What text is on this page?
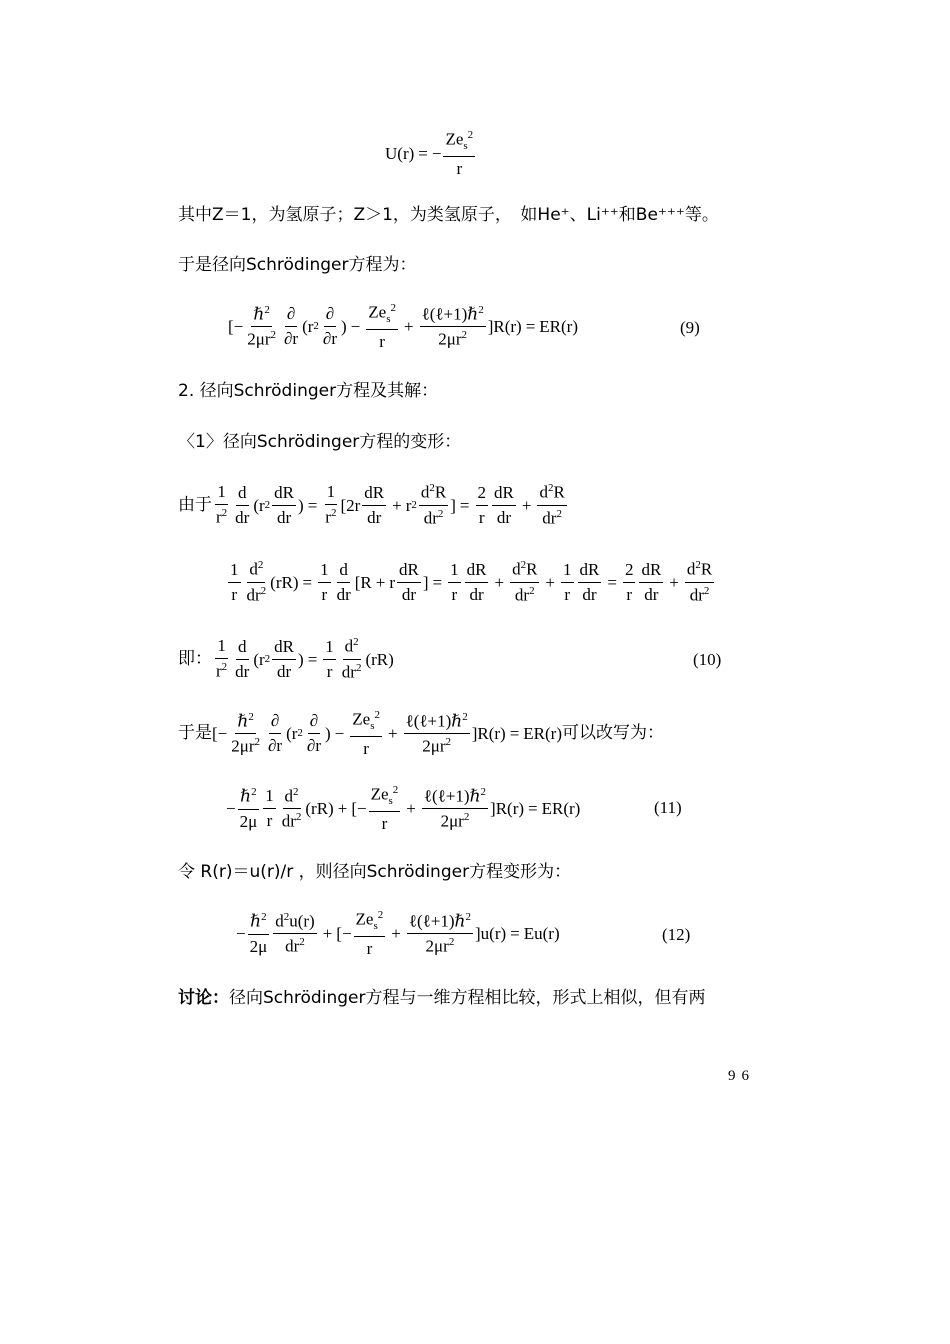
U(r) = − $\frac{Ze_s^2}{r}$
其中Z＝1，为氢原子；Z＞1，为类氢原子，　如He⁺、Li⁺⁺和Be⁺⁺⁺等。
于是径向Schrödinger方程为：
[− $\frac{\hbar^2}{2\mu r^2} \frac{\partial}{\partial r} (r$ $2 \frac{\partial}{\partial r}$ ) − $\frac{Ze_s^2}{r} + \frac{\ell(\ell+1)\hbar^2}{2\mu r^2} ]R(r) = ER(r)$	(9)
2. 径向Schrödinger方程及其解：
〈1〉径向Schrödinger方程的变形：
由于 $\frac{1}{r^2} \frac{d}{dr} (r$ $2 \frac{dR}{dr}$ ) = $\frac{1}{r^2} [2r \frac{dR}{dr} + r$ $2 \frac{d^2R}{dr^2}$ ] = $\frac{2}{r} \frac{dR}{dr} + \frac{d^2R}{dr^2}$
$\frac{1}{r} \frac{d^2}{dr^2} (rR) = \frac{1}{r} \frac{d}{dr} [R + r \frac{dR}{dr}$ ] = $\frac{1}{r} \frac{dR}{dr} + \frac{d^2R}{dr^2} + \frac{1}{r} \frac{dR}{dr} = \frac{2}{r} \frac{dR}{dr} + \frac{d^2R}{dr^2}$
即： $\frac{1}{r^2} \frac{d}{dr} (r$ $2 \frac{dR}{dr}$ ) = $\frac{1}{r} \frac{d^2}{dr^2} (rR)$	(10)
于是 [− $\frac{\hbar^2}{2\mu r^2} \frac{\partial}{\partial r} (r$ $2 \frac{\partial}{\partial r}$ ) − $\frac{Ze_s^2}{r} + \frac{\ell(\ell+1)\hbar^2}{2\mu r^2} ]R(r) = ER(r)$ 可以改写为：
− $\frac{\hbar^2}{2\mu} \frac{1}{r} \frac{d^2}{dr^2} (rR)$ + [− $\frac{Ze_s^2}{r} + \frac{\ell(\ell+1)\hbar^2}{2\mu r^2} ]R(r) = ER(r)$	(11)
令 R(r)＝u(r)/r ，则径向Schrödinger方程变形为：
− $\frac{\hbar^2}{2\mu} \frac{d^2u(r)}{dr^2}$ + [− $\frac{Ze_s^2}{r} + \frac{\ell(\ell+1)\hbar^2}{2\mu r^2} ]u(r) = Eu(r)$	(12)
讨论：径向Schrödinger方程与一维方程相比较，形式上相似，但有两
96
